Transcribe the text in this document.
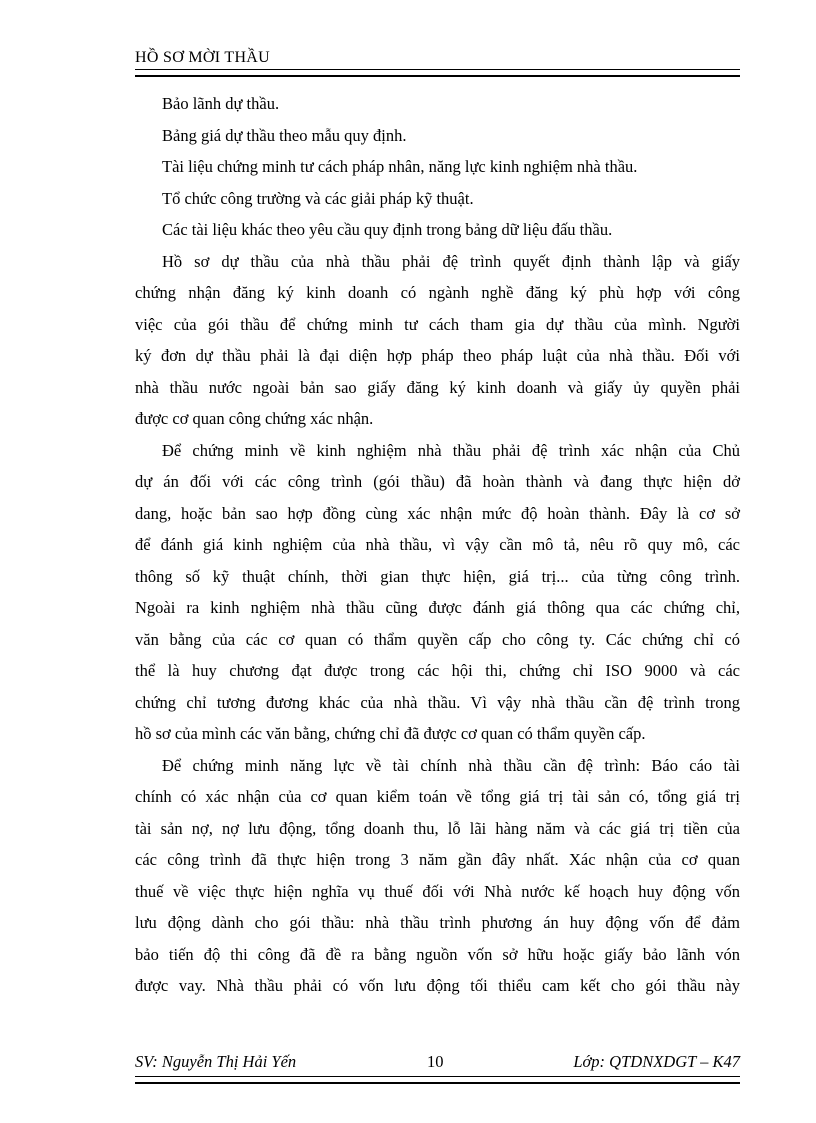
HỒ SƠ MỜI THẦU
Bảo lãnh dự thầu.
Bảng giá dự thầu theo mẫu quy định.
Tài liệu chứng minh tư cách pháp nhân, năng lực kinh nghiệm nhà thầu.
Tổ chức công trường và các giải pháp kỹ thuật.
Các tài liệu khác theo yêu cầu quy định trong bảng dữ liệu đấu thầu.
Hồ sơ dự thầu của nhà thầu phải đệ trình quyết định thành lập và giấy
chứng nhận đăng ký kinh doanh có ngành nghề đăng ký phù hợp với công
việc của gói thầu để chứng minh tư cách tham gia dự thầu của mình. Người
ký đơn dự thầu phải là đại diện hợp pháp theo pháp luật của nhà thầu. Đối với
nhà thầu nước ngoài bản sao giấy đăng ký kinh doanh và giấy ủy quyền phải
được cơ quan công chứng xác nhận.
Để chứng minh về kinh nghiệm nhà thầu phải đệ trình xác nhận của Chủ
dự án đối với các công trình (gói thầu) đã hoàn thành và đang thực hiện dở
dang, hoặc bản sao hợp đồng cùng xác nhận mức độ hoàn thành. Đây là cơ sở
để đánh giá kinh nghiệm của nhà thầu, vì vậy cần mô tả, nêu rõ quy mô, các
thông số kỹ thuật chính, thời gian thực hiện, giá trị... của từng công trình.
Ngoài ra kinh nghiệm nhà thầu cũng được đánh giá thông qua các chứng chỉ,
văn bằng của các cơ quan có thẩm quyền cấp cho công ty. Các chứng chỉ có
thể là huy chương đạt được trong các hội thi, chứng chỉ ISO 9000 và các
chứng chỉ tương đương khác của nhà thầu. Vì vậy nhà thầu cần đệ trình trong
hồ sơ của mình các văn bằng, chứng chỉ đã được cơ quan có thẩm quyền cấp.
Để chứng minh năng lực về tài chính nhà thầu cần đệ trình: Báo cáo tài
chính có xác nhận của cơ quan kiểm toán về tổng giá trị tài sản có, tổng giá trị
tài sản nợ, nợ lưu động, tổng doanh thu, lỗ lãi hàng năm và các giá trị tiền của
các công trình đã thực hiện trong 3 năm gần đây nhất. Xác nhận của cơ quan
thuế về việc thực hiện nghĩa vụ thuế đối với Nhà nước kế hoạch huy động vốn
lưu động dành cho gói thầu: nhà thầu trình phương án huy động vốn để đảm
bảo tiến độ thi công đã đề ra bằng nguồn vốn sở hữu hoặc giấy bảo lãnh vón
được vay. Nhà thầu phải có vốn lưu động tối thiểu cam kết cho gói thầu này
SV: Nguyễn Thị Hải Yến	10	Lớp: QTDNXDGT – K47
